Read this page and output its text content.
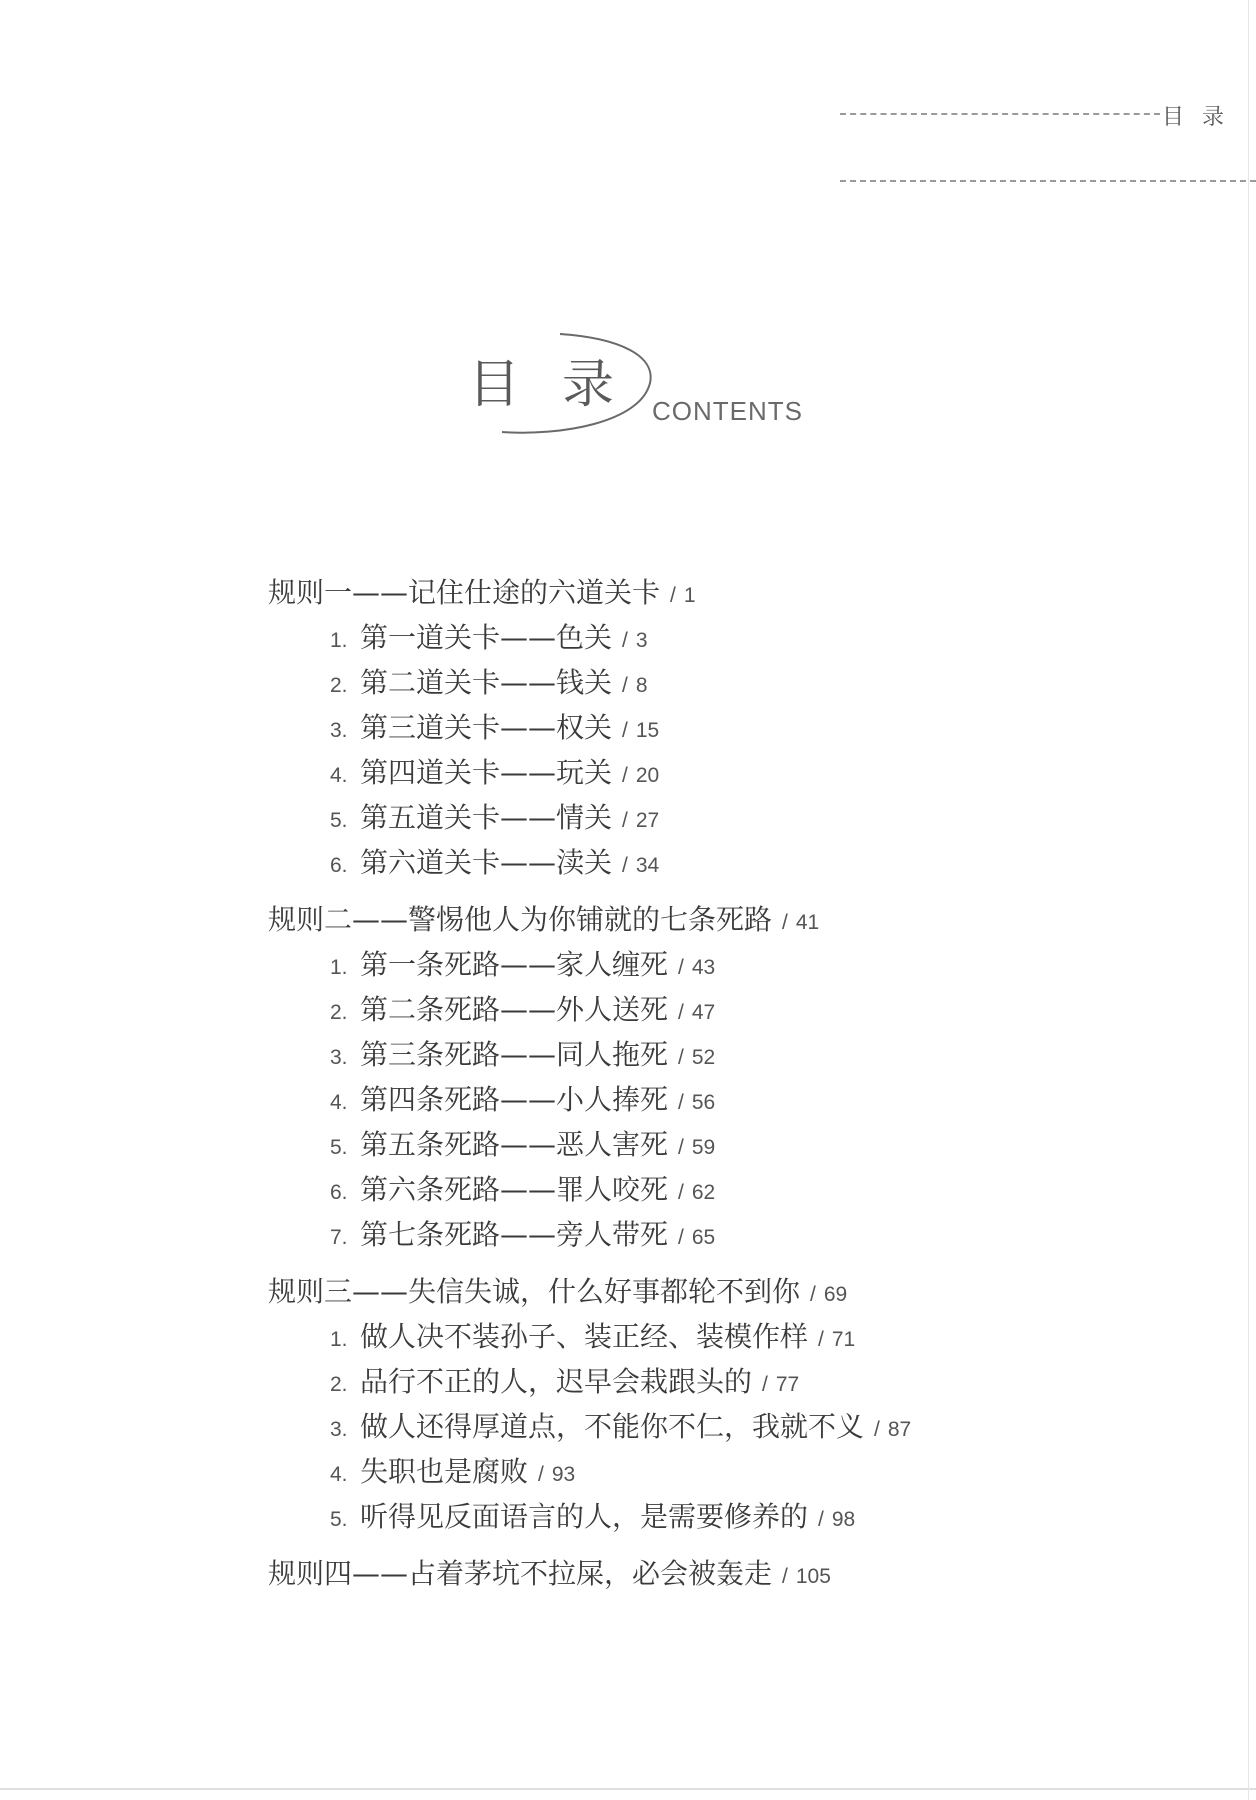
目录
目录
CONTENTS
规则一——记住仕途的六道关卡 / 1
1. 第一道关卡——色关 / 3
2. 第二道关卡——钱关 / 8
3. 第三道关卡——权关 / 15
4. 第四道关卡——玩关 / 20
5. 第五道关卡——情关 / 27
6. 第六道关卡——渎关 / 34
规则二——警惕他人为你铺就的七条死路 / 41
1. 第一条死路——家人缠死 / 43
2. 第二条死路——外人送死 / 47
3. 第三条死路——同人拖死 / 52
4. 第四条死路——小人捧死 / 56
5. 第五条死路——恶人害死 / 59
6. 第六条死路——罪人咬死 / 62
7. 第七条死路——旁人带死 / 65
规则三——失信失诚，什么好事都轮不到你 / 69
1. 做人决不装孙子、装正经、装模作样 / 71
2. 品行不正的人，迟早会栽跟头的 / 77
3. 做人还得厚道点，不能你不仁，我就不义 / 87
4. 失职也是腐败 / 93
5. 听得见反面语言的人，是需要修养的 / 98
规则四——占着茅坑不拉屎，必会被轰走 / 105
